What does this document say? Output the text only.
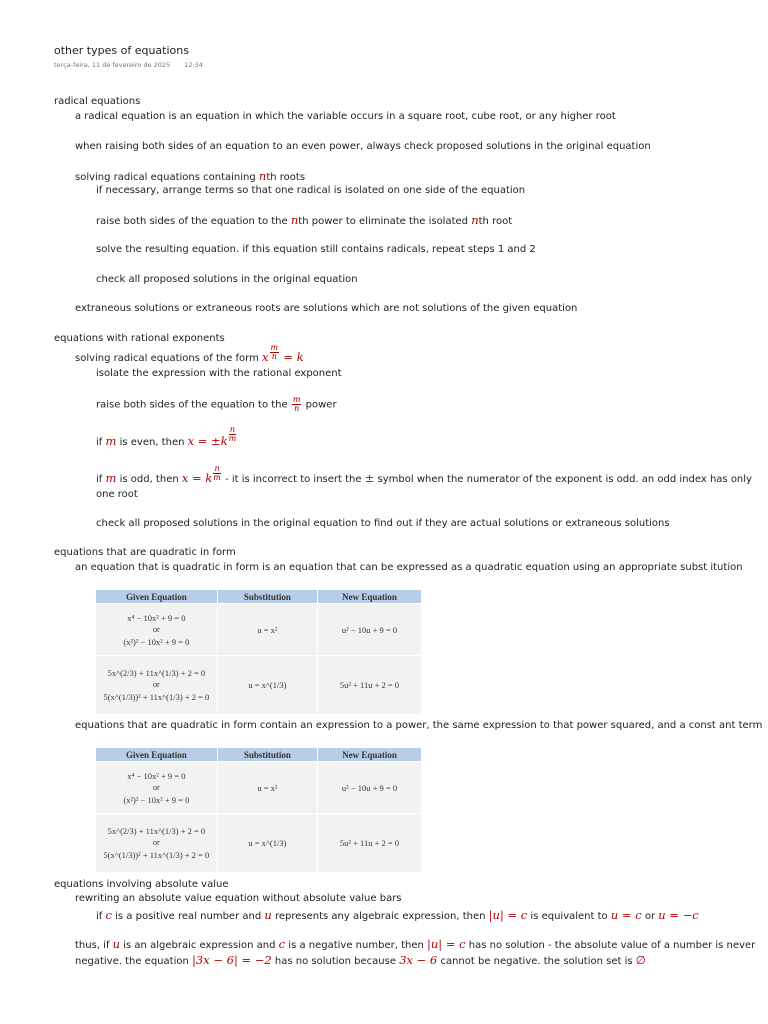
other types of equations
terça-feira, 11 de fevereiro de 2025 12:34
radical equations
a radical equation is an equation in which the variable occurs in a square root, cube root, or any higher root
when raising both sides of an equation to an even power, always check proposed solutions in the original equation
solving radical equations containing nth roots
if necessary, arrange terms so that one radical is isolated on one side of the equation
raise both sides of the equation to the nth power to eliminate the isolated nth root
solve the resulting equation. if this equation still contains radicals, repeat steps 1 and 2
check all proposed solutions in the original equation
extraneous solutions or extraneous roots are solutions which are not solutions of the given equation
equations with rational exponents
solving radical equations of the form x $\frac{m}{n} = k$
isolate the expression with the rational exponent
raise both sides of the equation to the $\frac{m}{n}$ power
if m is even, then $x = \pm k \frac{n}{m}$
if m is odd, then x = k $\frac{n}{m}$ - it is incorrect to insert the ± symbol when the numerator of the exponent is odd. an odd index has only one root
check all proposed solutions in the original equation to find out if they are actual solutions or extraneous solutions
equations that are quadratic in form
an equation that is quadratic in form is an equation that can be expressed as a quadratic equation using an appropriate subst itution
Given Equation	Substitution	New Equation

x⁴ − 10x² + 9 = 0
or
(x²)² − 10x² + 9 = 0	u = x²	u² − 10u + 9 = 0

5x^(2/3) + 11x^(1/3) + 2 = 0
or
5(x^(1/3))² + 11x^(1/3) + 2 = 0	u = x^(1/3)	5u² + 11u + 2 = 0
equations that are quadratic in form contain an expression to a power, the same expression to that power squared, and a const ant term
Given Equation	Substitution	New Equation

x⁴ − 10x² + 9 = 0
or
(x²)² − 10x² + 9 = 0	u = x²	u² − 10u + 9 = 0

5x^(2/3) + 11x^(1/3) + 2 = 0
or
5(x^(1/3))² + 11x^(1/3) + 2 = 0	u = x^(1/3)	5u² + 11u + 2 = 0
equations involving absolute value
rewriting an absolute value equation without absolute value bars
if c is a positive real number and u represents any algebraic expression, then |u| = c is equivalent to u = c or u = −c
thus, if u is an algebraic expression and c is a negative number, then |u| = c has no solution - the absolute value of a number is never negative. the equation |3x − 6| = −2 has no solution because 3x − 6 cannot be negative. the solution set is ∅
